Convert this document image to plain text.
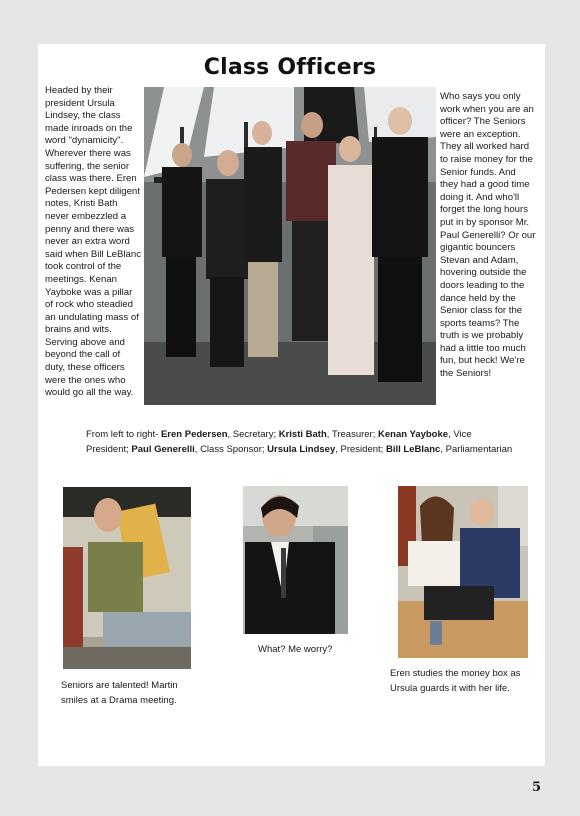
Class Officers
Headed by their president Ursula Lindsey, the class made inroads on the word "dynamicity". Wherever there was suffering, the senior class was there. Eren Pedersen kept diligent notes, Kristi Bath never embezzled a penny and there was never an extra word said when Bill LeBlanc took control of the meetings. Kenan Yayboke was a pillar of rock who steadied an undulating mass of brains and wits. Serving above and beyond the call of duty, these officers were the ones who would go all the way.
Who says you only work when you are an officer? The Seniors were an exception. They all worked hard to raise money for the Senior funds. And they had a good time doing it. And who'll forget the long hours put in by sponsor Mr. Paul Generelli? Or our gigantic bouncers Stevan and Adam, hovering outside the doors leading to the dance held by the Senior class for the sports teams? The truth is we probably had a little too much fun, but heck! We're the Seniors!
From left to right- Eren Pedersen, Secretary; Kristi Bath, Treasurer; Kenan Yayboke, Vice President; Paul Generelli, Class Sponsor; Ursula Lindsey, President; Bill LeBlanc, Parliamentarian
Seniors are talented! Martin smiles at a Drama meeting.
What? Me worry?
Eren studies the money box as Ursula guards it with her life.
5
